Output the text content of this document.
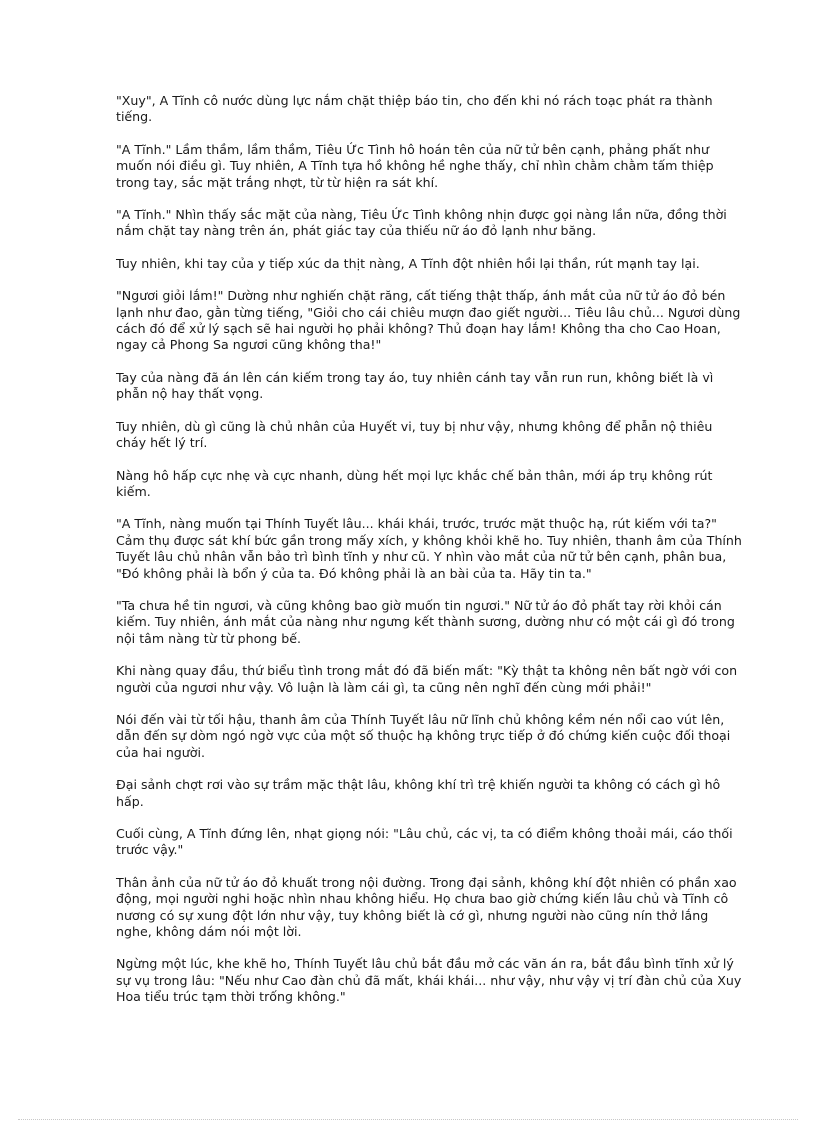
"Xuy", A Tĩnh cô nước dùng lực nắm chặt thiệp báo tin, cho đến khi nó rách toạc phát ra thành tiếng.

"A Tĩnh." Lầm thầm, lầm thầm, Tiêu Ức Tình hô hoán tên của nữ tử bên cạnh, phảng phất như muốn nói điều gì. Tuy nhiên, A Tĩnh tựa hồ không hề nghe thấy, chỉ nhìn chằm chằm tấm thiệp trong tay, sắc mặt trắng nhợt, từ từ hiện ra sát khí.

"A Tĩnh." Nhìn thấy sắc mặt của nàng, Tiêu Ức Tình không nhịn được gọi nàng lần nữa, đồng thời nắm chặt tay nàng trên án, phát giác tay của thiếu nữ áo đỏ lạnh như băng.

Tuy nhiên, khi tay của y tiếp xúc da thịt nàng, A Tĩnh đột nhiên hồi lại thần, rút mạnh tay lại.

"Ngươi giỏi lắm!" Dường như nghiến chặt răng, cất tiếng thật thấp, ánh mắt của nữ tử áo đỏ bén lạnh như đao, gằn từng tiếng, "Giỏi cho cái chiêu mượn đao giết người... Tiêu lâu chủ... Ngươi dùng cách đó để xử lý sạch sẽ hai người họ phải không? Thủ đoạn hay lắm! Không tha cho Cao Hoan, ngay cả Phong Sa ngươi cũng không tha!"

Tay của nàng đã án lên cán kiếm trong tay áo, tuy nhiên cánh tay vẫn run run, không biết là vì phẫn nộ hay thất vọng.

Tuy nhiên, dù gì cũng là chủ nhân của Huyết vi, tuy bị như vậy, nhưng không để phẫn nộ thiêu cháy hết lý trí.

Nàng hô hấp cực nhẹ và cực nhanh, dùng hết mọi lực khắc chế bản thân, mới áp trụ không rút kiếm.

"A Tĩnh, nàng muốn tại Thính Tuyết lâu... khái khái, trước, trước mặt thuộc hạ, rút kiếm với ta?" Cảm thụ được sát khí bức gần trong mấy xích, y không khỏi khẽ ho. Tuy nhiên, thanh âm của Thính Tuyết lâu chủ nhân vẫn bảo trì bình tĩnh y như cũ. Y nhìn vào mắt của nữ tử bên cạnh, phân bua, "Đó không phải là bổn ý của ta. Đó không phải là an bài của ta. Hãy tin ta."

"Ta chưa hề tin ngươi, và cũng không bao giờ muốn tin ngươi." Nữ tử áo đỏ phất tay rời khỏi cán kiếm. Tuy nhiên, ánh mắt của nàng như ngưng kết thành sương, dường như có một cái gì đó trong nội tâm nàng từ từ phong bế.

Khi nàng quay đầu, thứ biểu tình trong mắt đó đã biến mất: "Kỳ thật ta không nên bất ngờ với con người của ngươi như vậy. Vô luận là làm cái gì, ta cũng nên nghĩ đến cùng mới phải!"

Nói đến vài từ tối hậu, thanh âm của Thính Tuyết lâu nữ lĩnh chủ không kềm nén nổi cao vút lên, dẫn đến sự dòm ngó ngờ vực của một số thuộc hạ không trực tiếp ở đó chứng kiến cuộc đối thoại của hai người.

Đại sảnh chợt rơi vào sự trầm mặc thật lâu, không khí trì trệ khiến người ta không có cách gì hô hấp.

Cuối cùng, A Tĩnh đứng lên, nhạt giọng nói: "Lâu chủ, các vị, ta có điểm không thoải mái, cáo thối trước vậy."

Thân ảnh của nữ tử áo đỏ khuất trong nội đường. Trong đại sảnh, không khí đột nhiên có phần xao động, mọi người nghi hoặc nhìn nhau không hiểu. Họ chưa bao giờ chứng kiến lâu chủ và Tĩnh cô nương có sự xung đột lớn như vậy, tuy không biết là cớ gì, nhưng người nào cũng nín thở lắng nghe, không dám nói một lời.

Ngừng một lúc, khe khẽ ho, Thính Tuyết lâu chủ bắt đầu mở các văn án ra, bắt đầu bình tĩnh xử lý sự vụ trong lâu: "Nếu như Cao đàn chủ đã mất, khái khái... như vậy, như vậy vị trí đàn chủ của Xuy Hoa tiểu trúc tạm thời trống không."
